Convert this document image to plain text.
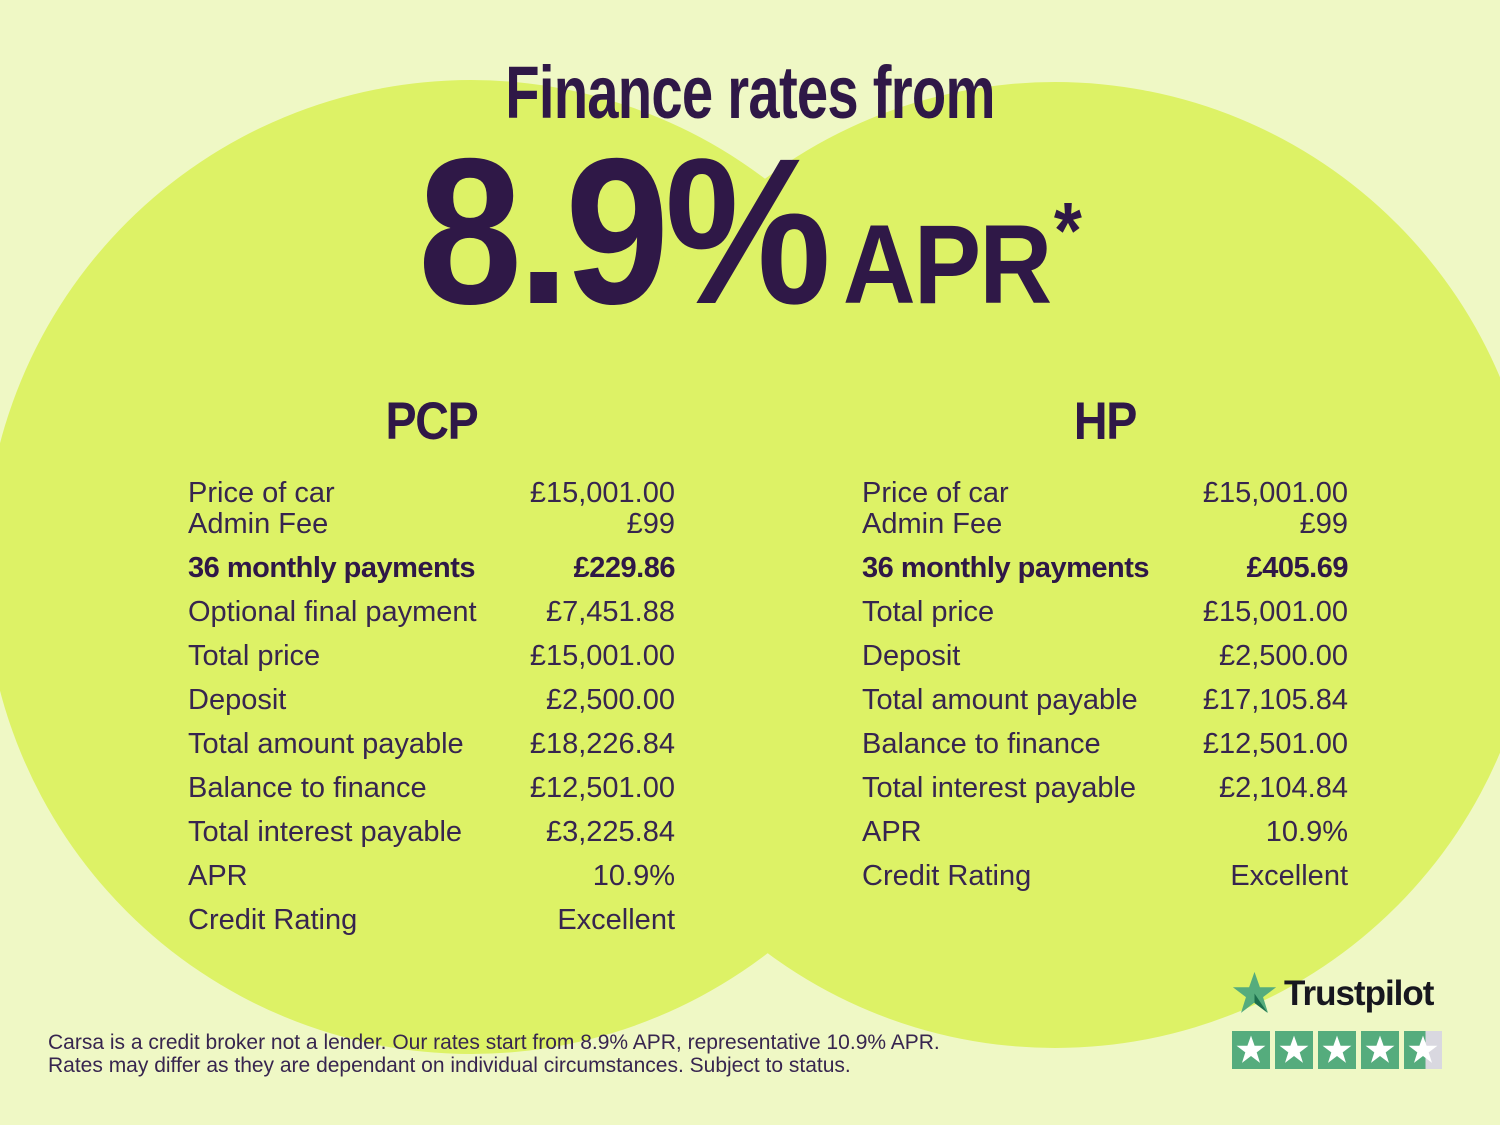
Finance rates from
8.9% APR *
PCP
Price of car	£15,001.00
Admin Fee	£99
36 monthly payments	£229.86
Optional final payment £7,451.88
Total price	£15,001.00
Deposit	£2,500.00
Total amount payable £18,226.84
Balance to finance	£12,501.00
Total interest payable	£3,225.84
APR	10.9%
Credit Rating	Excellent
HP
Price of car	£15,001.00
Admin Fee	£99
36 monthly payments	£405.69
Total price	£15,001.00
Deposit	£2,500.00
Total amount payable £17,105.84
Balance to finance	£12,501.00
Total interest payable	£2,104.84
APR	10.9%
Credit Rating	Excellent
Carsa is a credit broker not a lender. Our rates start from 8.9% APR, representative 10.9% APR.
Rates may differ as they are dependant on individual circumstances. Subject to status.
Trustpilot
